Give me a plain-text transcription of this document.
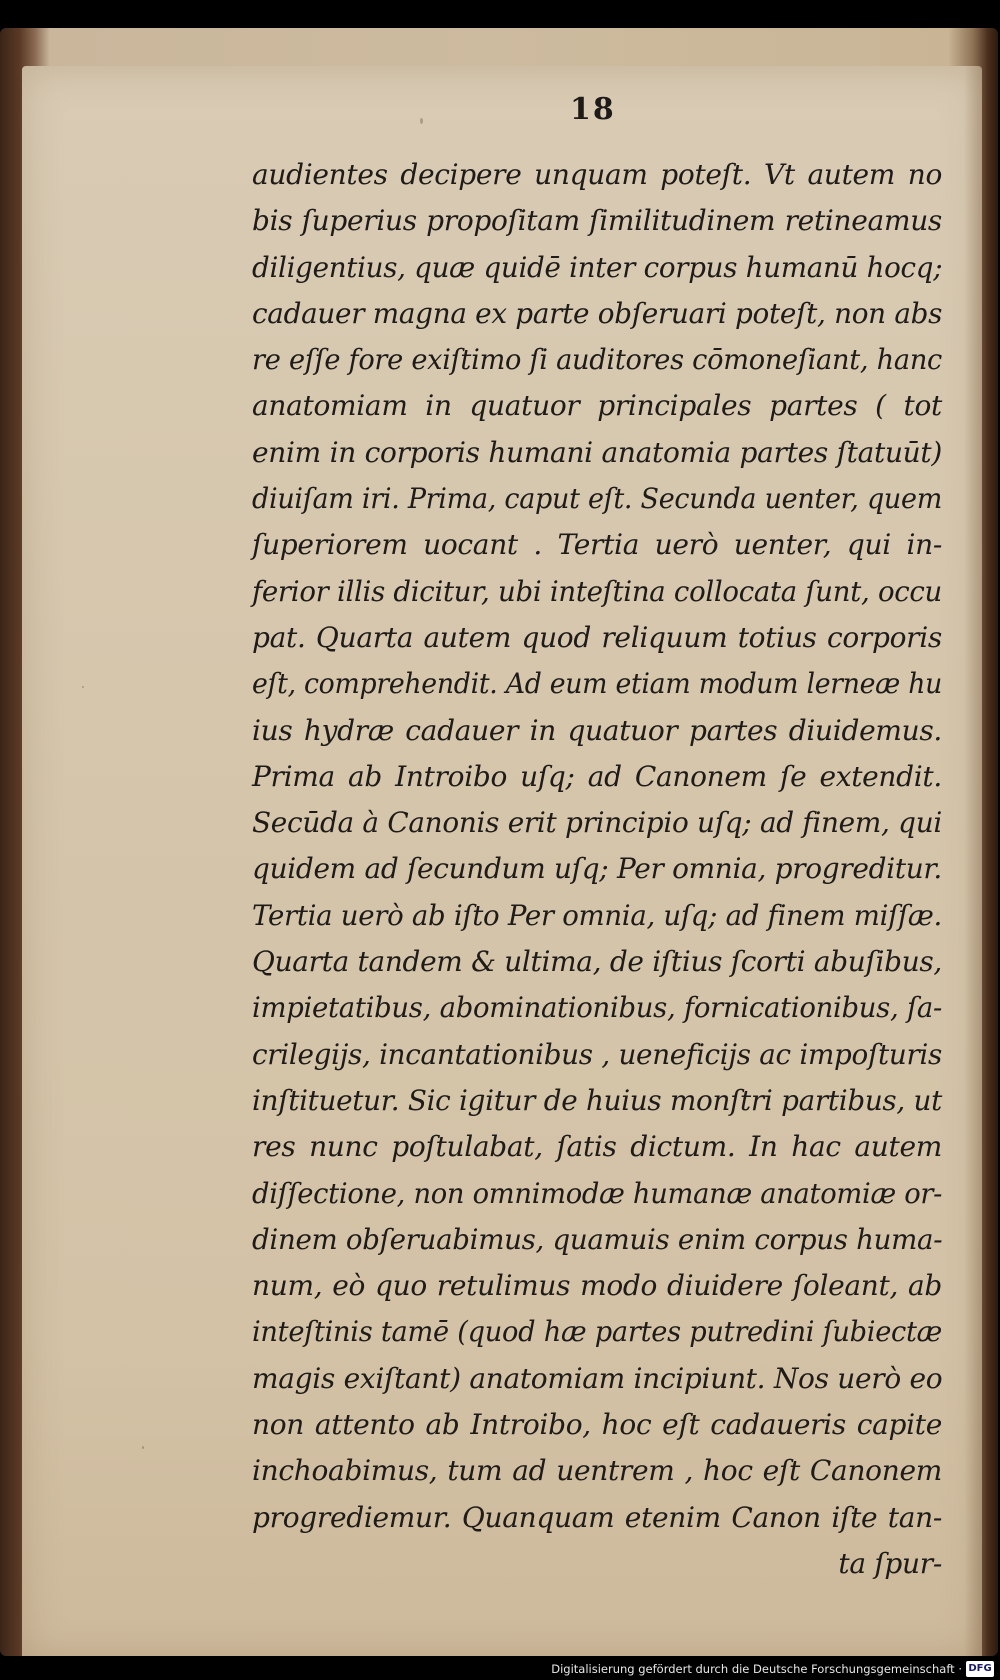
18
audientes decipere unquam poteſt. Vt autem no
bis ſuperius propoſitam ſimilitudinem retineamus
diligentius, quæ quidē inter corpus humanū hocq;
cadauer magna ex parte obſeruari poteſt, non abs
re eſſe fore exiſtimo ſi auditores cōmoneſiant, hanc
anatomiam in quatuor principales partes ( tot
enim in corporis humani anatomia partes ſtatuūt)
diuiſam iri. Prima, caput eſt. Secunda uenter, quem
ſuperiorem uocant . Tertia uerò uenter, qui in-
ferior illis dicitur, ubi inteſtina collocata ſunt, occu
pat. Quarta autem quod reliquum totius corporis
eſt, comprehendit. Ad eum etiam modum lerneæ hu
ius hydræ cadauer in quatuor partes diuidemus.
Prima ab Introibo uſq; ad Canonem ſe extendit.
Secūda à Canonis erit principio uſq; ad finem, qui
quidem ad ſecundum uſq; Per omnia, progreditur.
Tertia uerò ab iſto Per omnia, uſq; ad finem miſſæ.
Quarta tandem & ultima, de iſtius ſcorti abuſibus,
impietatibus, abominationibus, fornicationibus, ſa-
crilegijs, incantationibus , ueneficijs ac impoſturis
inſtituetur. Sic igitur de huius monſtri partibus, ut
res nunc poſtulabat, ſatis dictum. In hac autem
diſſectione, non omnimodæ humanæ anatomiæ or-
dinem obſeruabimus, quamuis enim corpus huma-
num, eò quo retulimus modo diuidere ſoleant, ab
inteſtinis tamē (quod hæ partes putredini ſubiectæ
magis exiſtant) anatomiam incipiunt. Nos uerò eo
non attento ab Introibo, hoc eſt cadaueris capite
inchoabimus, tum ad uentrem , hoc eſt Canonem
progrediemur. Quanquam etenim Canon iſte tan-
ta ſpur-
Digitalisierung gefördert durch die Deutsche Forschungsgemeinschaft · DFG
